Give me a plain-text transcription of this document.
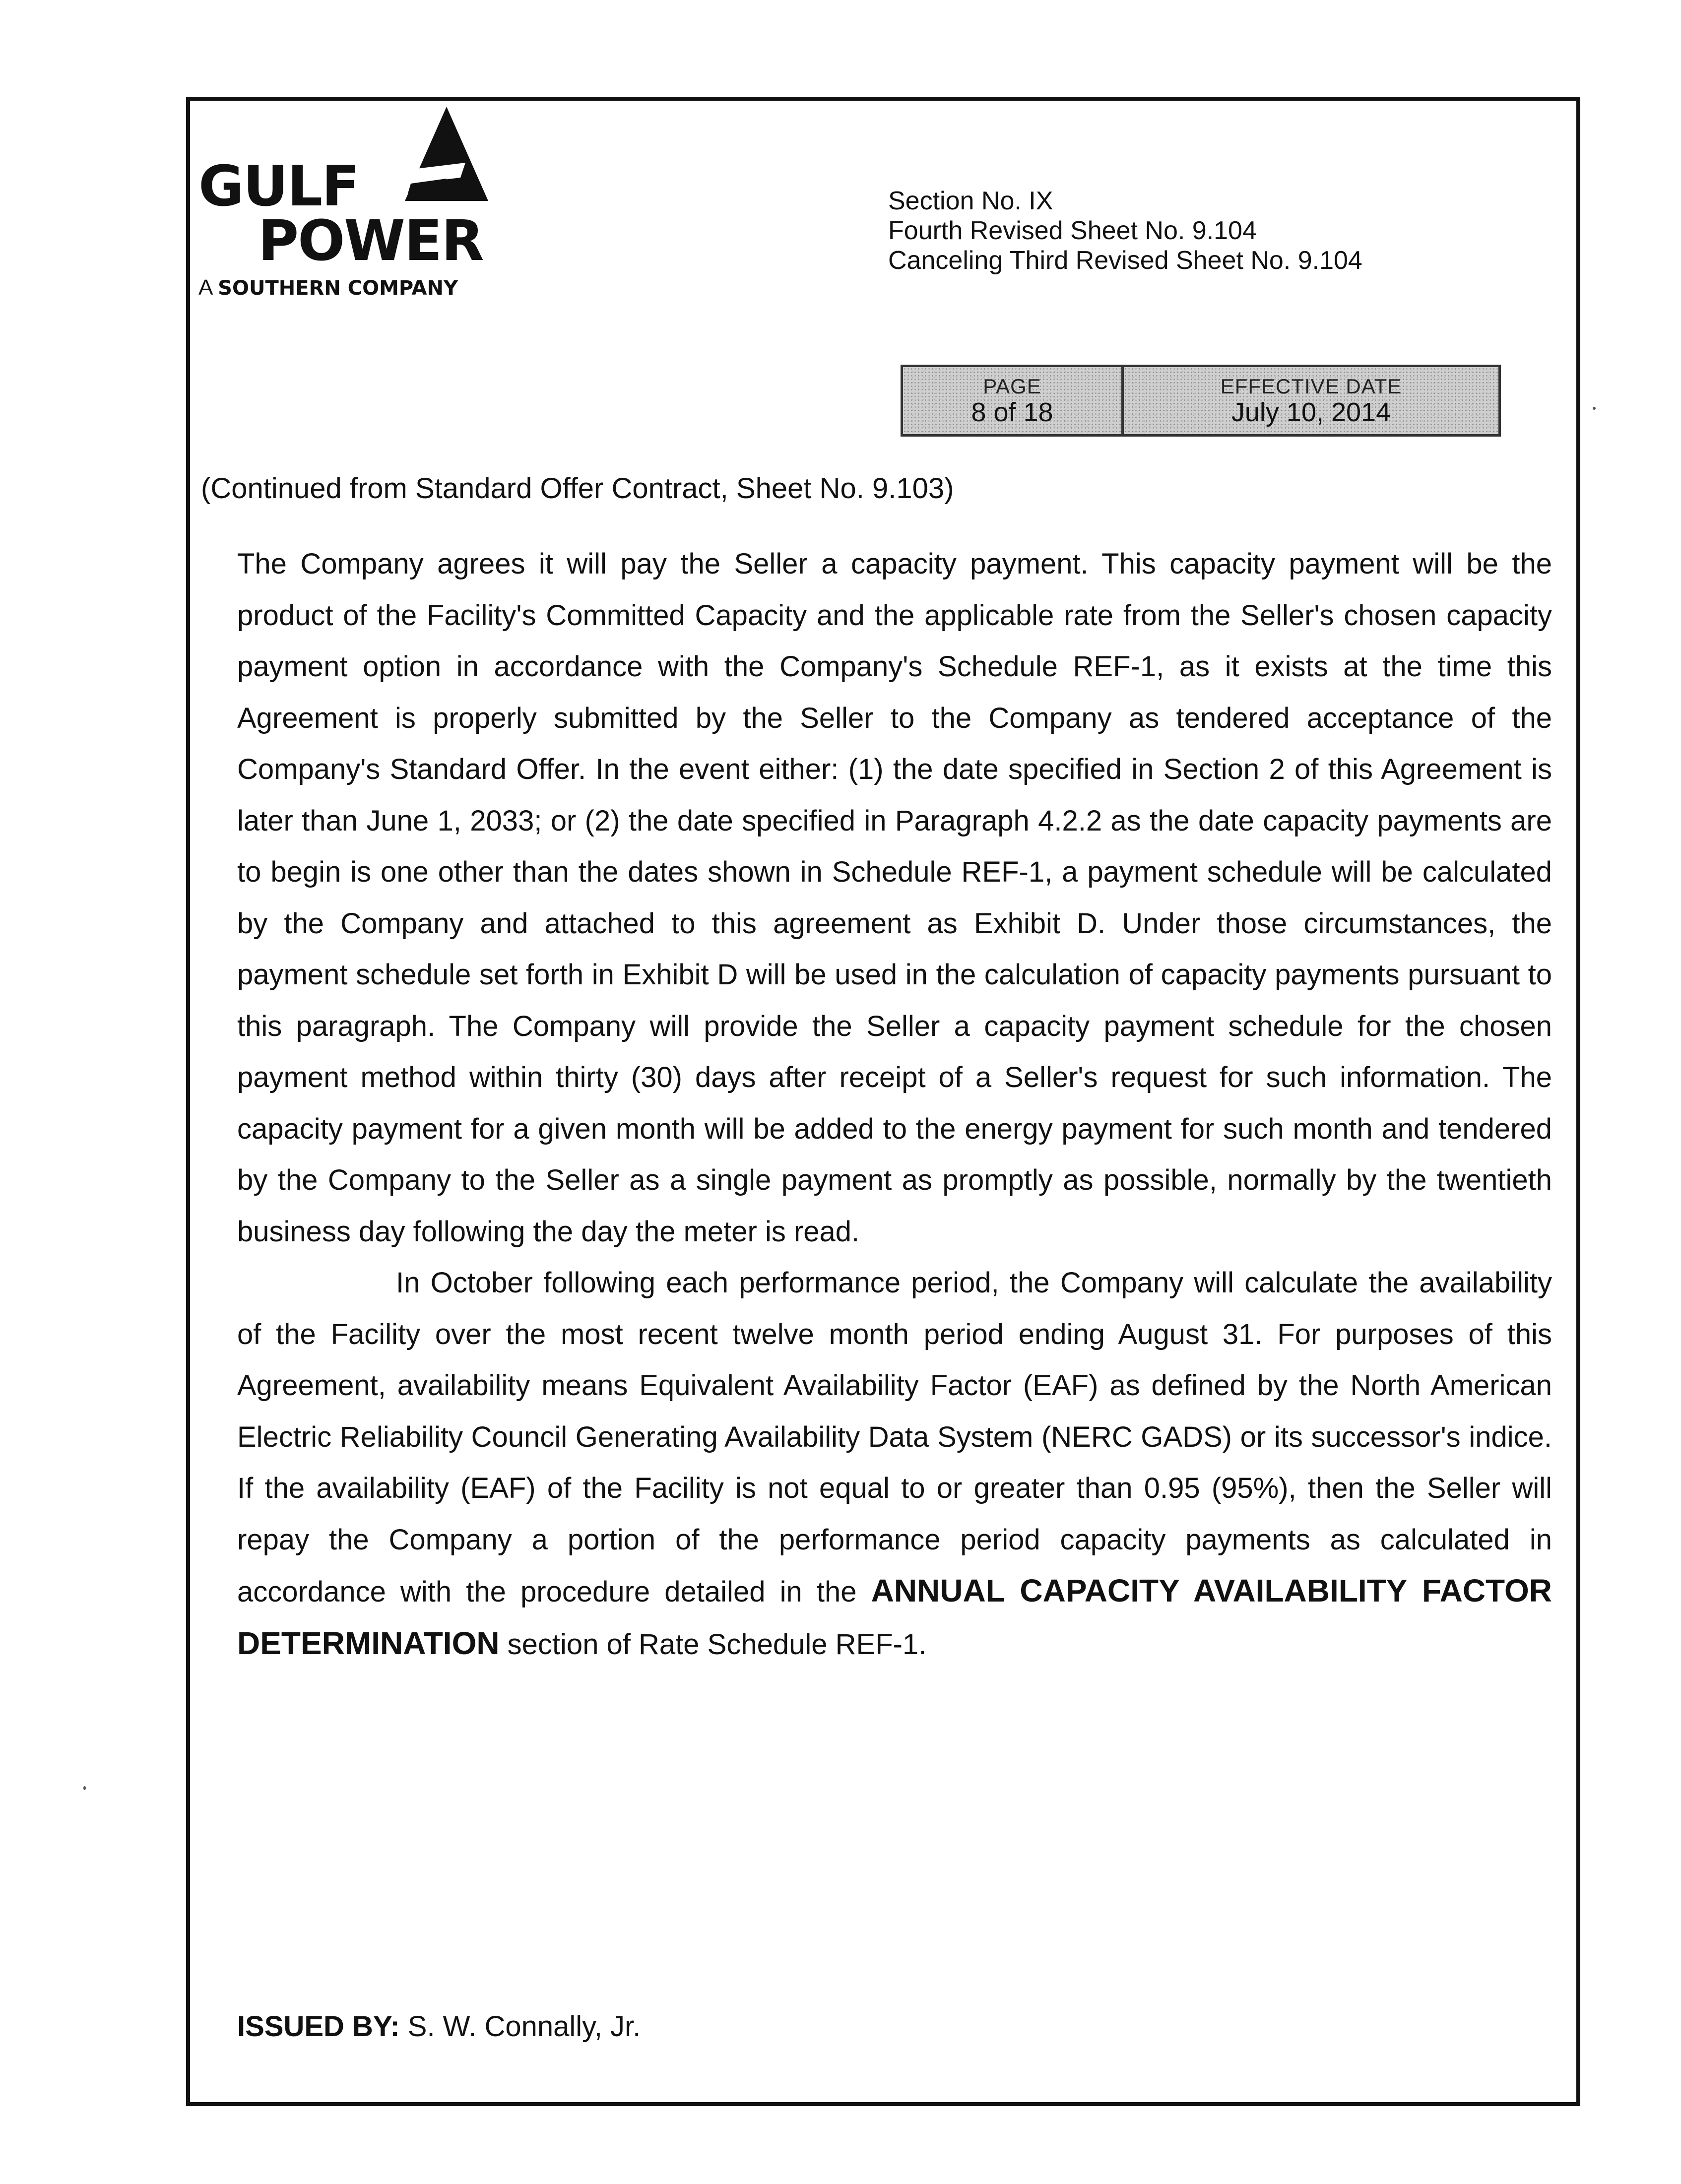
GULF
POWER
A SOUTHERN COMPANY
Section No. IX
Fourth Revised Sheet No. 9.104
Canceling Third Revised Sheet No. 9.104
PAGE
8 of 18
EFFECTIVE DATE
July 10, 2014
(Continued from Standard Offer Contract, Sheet No. 9.103)

The Company agrees it will pay the Seller a capacity payment. This capacity payment will be the product of the Facility's Committed Capacity and the applicable rate from the Seller's chosen capacity payment option in accordance with the Company's Schedule REF-1, as it exists at the time this Agreement is properly submitted by the Seller to the Company as tendered acceptance of the Company's Standard Offer. In the event either: (1) the date specified in Section 2 of this Agreement is later than June 1, 2033; or (2) the date specified in Paragraph 4.2.2 as the date capacity payments are to begin is one other than the dates shown in Schedule REF-1, a payment schedule will be calculated by the Company and attached to this agreement as Exhibit D. Under those circumstances, the payment schedule set forth in Exhibit D will be used in the calculation of capacity payments pursuant to this paragraph. The Company will provide the Seller a capacity payment schedule for the chosen payment method within thirty (30) days after receipt of a Seller's request for such information. The capacity payment for a given month will be added to the energy payment for such month and tendered by the Company to the Seller as a single payment as promptly as possible, normally by the twentieth business day following the day the meter is read.

In October following each performance period, the Company will calculate the availability of the Facility over the most recent twelve month period ending August 31. For purposes of this Agreement, availability means Equivalent Availability Factor (EAF) as defined by the North American Electric Reliability Council Generating Availability Data System (NERC GADS) or its successor's indice. If the availability (EAF) of the Facility is not equal to or greater than 0.95 (95%), then the Seller will repay the Company a portion of the performance period capacity payments as calculated in accordance with the procedure detailed in the ANNUAL CAPACITY AVAILABILITY FACTOR DETERMINATION section of Rate Schedule REF-1.

ISSUED BY: S. W. Connally, Jr.
